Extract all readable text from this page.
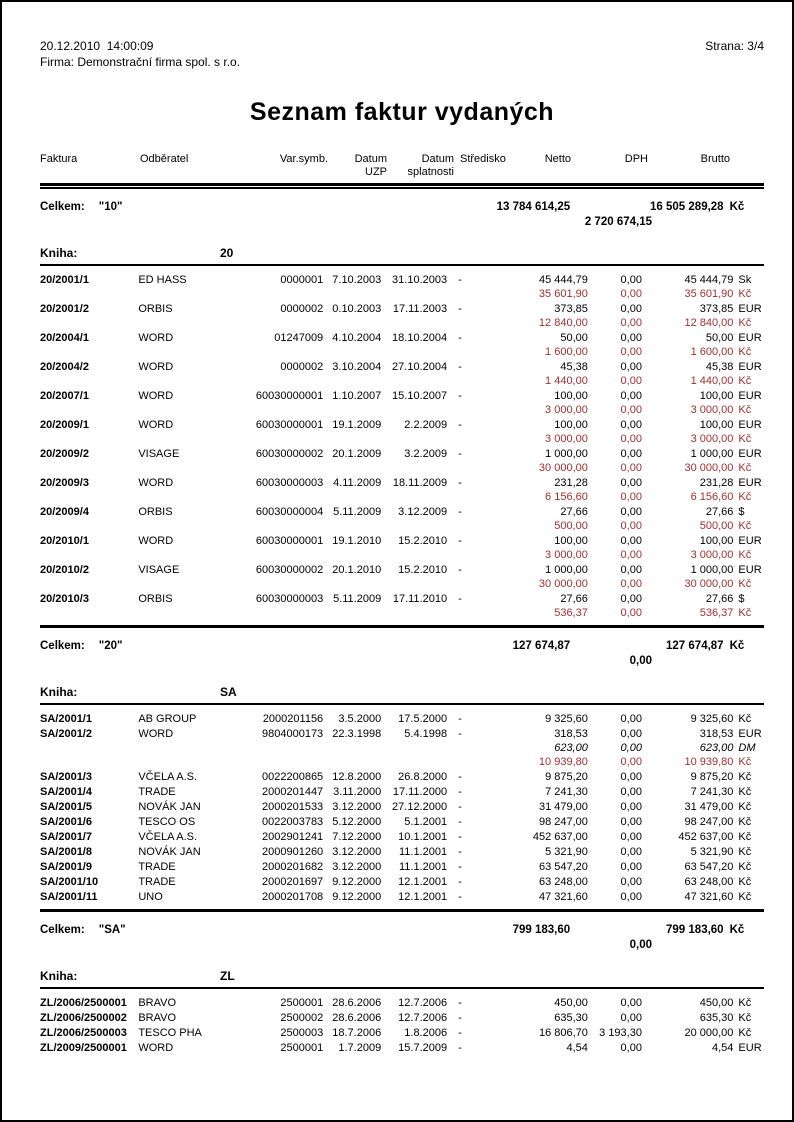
20.12.2010  14:00:09
Firma: Demonstrační firma spol. s r.o.
Strana: 3/4
Seznam faktur vydaných
Faktura	Odběratel	Var.symb.	Datum
UZP
Datum
splatnosti
Středisko	Netto	DPH	Brutto
Celkem: "10"	13 784 614,25	16 505 289,28 Kč
2 720 674,15
Kniha:	20
20/2001/1	ED HASS	0000001 7.10.2003 31.10.2003	-	45 444,79	0,00	45 444,79 Sk
35 601,90	0,00	35 601,90 Kč
20/2001/2	ORBIS	0000002 0.10.2003	17.11.2003	-	373,85	0,00	373,85 EUR
12 840,00	0,00	12 840,00 Kč
20/2004/1	WORD	01247009 4.10.2004 18.10.2004	-	50,00	0,00	50,00 EUR
1 600,00	0,00	1 600,00 Kč
20/2004/2	WORD	0000002 3.10.2004 27.10.2004	-	45,38	0,00	45,38 EUR
1 440,00	0,00	1 440,00 Kč
20/2007/1	WORD	60030000001 1.10.2007 15.10.2007	-	100,00	0,00	100,00 EUR
3 000,00	0,00	3 000,00 Kč
20/2009/1	WORD	60030000001 19.1.2009	2.2.2009	-	100,00	0,00	100,00 EUR
3 000,00	0,00	3 000,00 Kč
20/2009/2	VISAGE	60030000002 20.1.2009	3.2.2009	-	1 000,00	0,00	1 000,00 EUR
30 000,00	0,00	30 000,00 Kč
20/2009/3	WORD	60030000003 4.11.2009	18.11.2009	-	231,28	0,00	231,28 EUR
6 156,60	0,00	6 156,60 Kč
20/2009/4	ORBIS	60030000004 5.11.2009	3.12.2009	-	27,66	0,00	27,66 $
500,00	0,00	500,00 Kč
20/2010/1	WORD	60030000001 19.1.2010	15.2.2010	-	100,00	0,00	100,00 EUR
3 000,00	0,00	3 000,00 Kč
20/2010/2	VISAGE	60030000002 20.1.2010	15.2.2010	-	1 000,00	0,00	1 000,00 EUR
30 000,00	0,00	30 000,00 Kč
20/2010/3	ORBIS	60030000003 5.11.2009	17.11.2010	-	27,66	0,00	27,66 $
536,37	0,00	536,37 Kč
Celkem: "20"	127 674,87	127 674,87 Kč
0,00
Kniha:	SA
SA/2001/1	AB GROUP	2000201156	3.5.2000	17.5.2000	-	9 325,60	0,00	9 325,60 Kč
SA/2001/2	WORD	9804000173 22.3.1998	5.4.1998	-	318,53	0,00	318,53 EUR
623,00	0,00	623,00 DM
10 939,80	0,00	10 939,80 Kč
SA/2001/3	VČELA A.S.	0022200865 12.8.2000	26.8.2000	-	9 875,20	0,00	9 875,20 Kč
SA/2001/4	TRADE	2000201447 3.11.2000	17.11.2000	-	7 241,30	0,00	7 241,30 Kč
SA/2001/5	NOVÁK JAN	2000201533 3.12.2000 27.12.2000	-	31 479,00	0,00	31 479,00 Kč
SA/2001/6	TESCO OS	0022003783 5.12.2000	5.1.2001	-	98 247,00	0,00	98 247,00 Kč
SA/2001/7	VČELA A.S.	2002901241 7.12.2000	10.1.2001	-	452 637,00	0,00	452 637,00 Kč
SA/2001/8	NOVÁK JAN	2000901260 3.12.2000	11.1.2001	-	5 321,90	0,00	5 321,90 Kč
SA/2001/9	TRADE	2000201682 3.12.2000	11.1.2001	-	63 547,20	0,00	63 547,20 Kč
SA/2001/10	TRADE	2000201697 9.12.2000	12.1.2001	-	63 248,00	0,00	63 248,00 Kč
SA/2001/11	UNO	2000201708 9.12.2000	12.1.2001	-	47 321,60	0,00	47 321,60 Kč
Celkem: "SA"	799 183,60	799 183,60 Kč
0,00
Kniha:	ZL
ZL/2006/2500001	BRAVO	2500001 28.6.2006	12.7.2006	-	450,00	0,00	450,00 Kč
ZL/2006/2500002	BRAVO	2500002 28.6.2006	12.7.2006	-	635,30	0,00	635,30 Kč
ZL/2006/2500003	TESCO PHA	2500003 18.7.2006	1.8.2006	-	16 806,70	3 193,30	20 000,00 Kč
ZL/2009/2500001	WORD	2500001	1.7.2009	15.7.2009	-	4,54	0,00	4,54 EUR
